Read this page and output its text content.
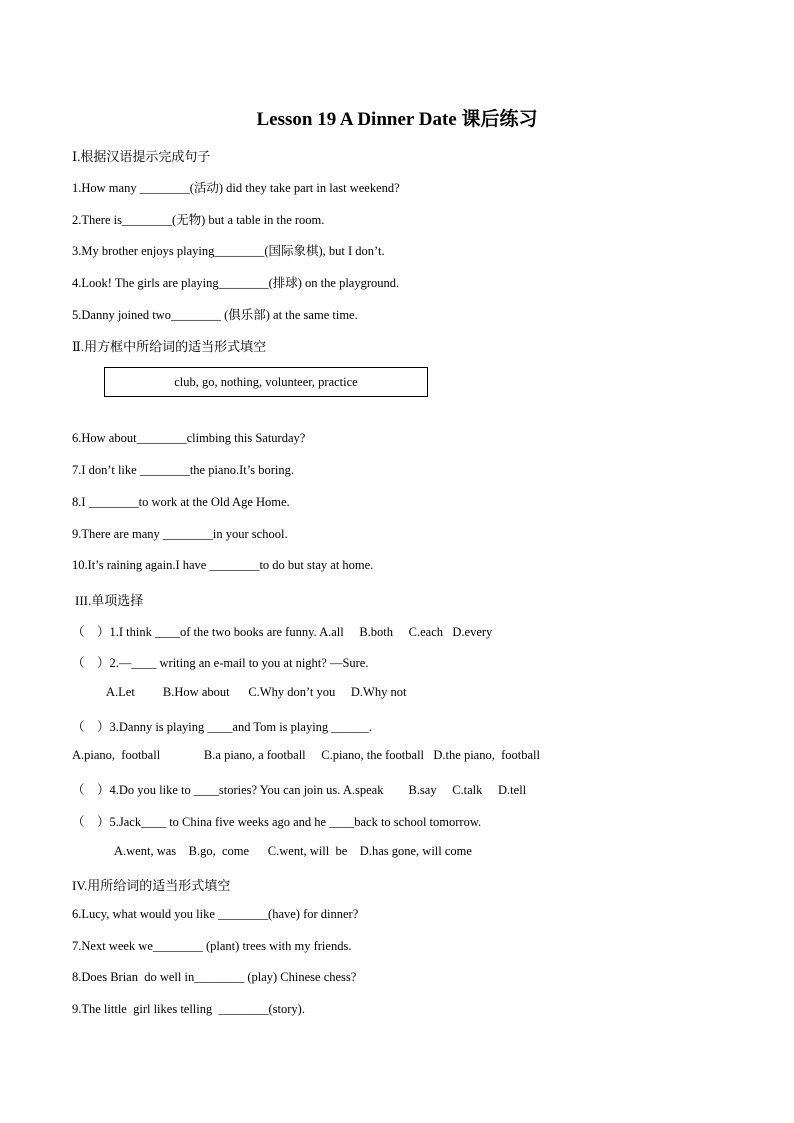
Lesson 19 A Dinner Date 课后练习
Ⅰ.根据汉语提示完成句子
1.How many ________(活动) did they take part in last weekend?
2.There is________(无物) but a table in the room.
3.My brother enjoys playing________(国际象棋), but I don’t.
4.Look! The girls are playing________(排球) on the playground.
5.Danny joined two________ (俱乐部) at the same time.
Ⅱ.用方框中所给词的适当形式填空
club, go, nothing, volunteer, practice
6.How about________climbing this Saturday?
7.I don’t like ________the piano.It’s boring.
8.I ________to work at the Old Age Home.
9.There are many ________in your school.
10.It’s raining again.I have ________to do but stay at home.
III.单项选择
（    ）1.I think ____of the two books are funny. A.all     B.both     C.each   D.every
（    ）2.—____ writing an e-mail to you at night? —Sure.
A.Let         B.How about      C.Why don’t you     D.Why not
（    ）3.Danny is playing ____and Tom is playing ______.
A.piano,  football              B.a piano, a football     C.piano, the football   D.the piano,  football
（    ）4.Do you like to ____stories? You can join us. A.speak        B.say     C.talk     D.tell
（    ）5.Jack____ to China five weeks ago and he ____back to school tomorrow.
A.went, was    B.go,  come      C.went, will  be    D.has gone, will come
IV.用所给词的适当形式填空
6.Lucy, what would you like ________(have) for dinner?
7.Next week we________ (plant) trees with my friends.
8.Does Brian  do well in________ (play) Chinese chess?
9.The little  girl likes telling  ________(story).
